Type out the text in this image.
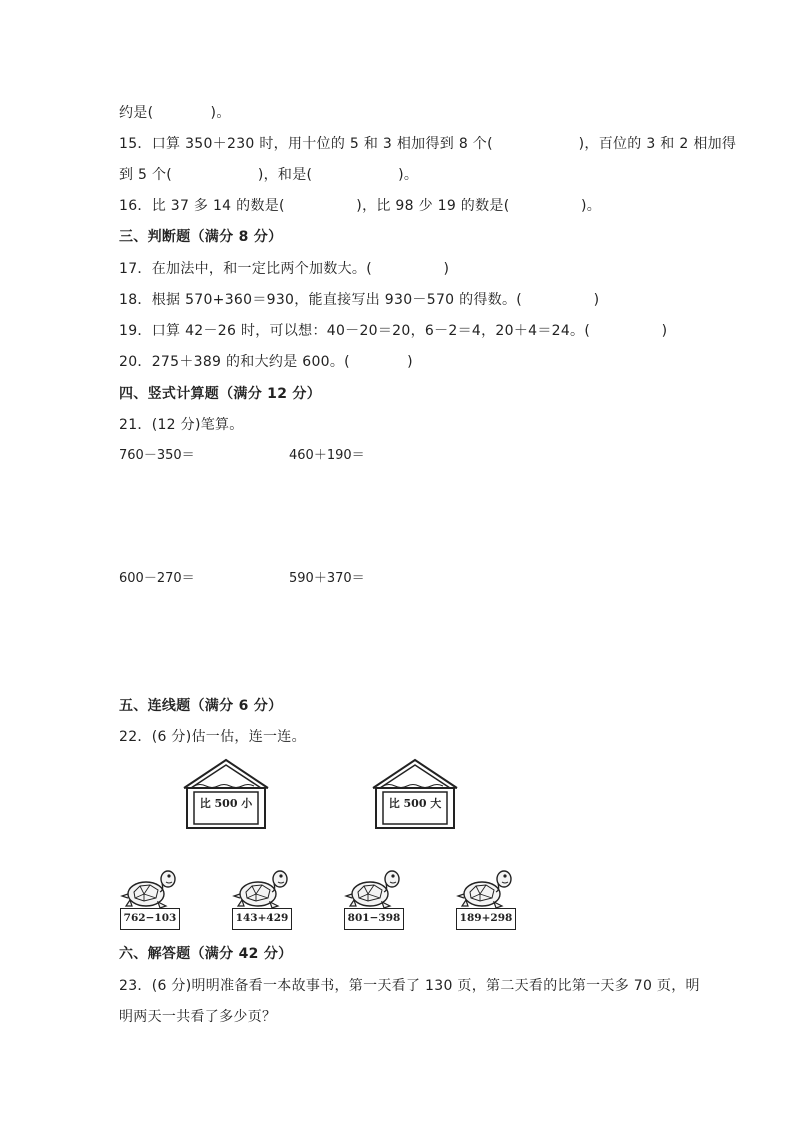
约是(　　　　)。
15．口算 350＋230 时，用十位的 5 和 3 相加得到 8 个(　　　　　　)，百位的 3 和 2 相加得
到 5 个(　　　　　　)，和是(　　　　　　)。
16．比 37 多 14 的数是(　　　　　)，比 98 少 19 的数是(　　　　　)。
三、判断题（满分 8 分）
17．在加法中，和一定比两个加数大。(　　　　　)
18．根据 570+360＝930，能直接写出 930－570 的得数。(　　　　　)
19．口算 42－26 时，可以想：40－20＝20，6－2＝4，20＋4＝24。(　　　　　)
20．275＋389 的和大约是 600。(　　　　)
四、竖式计算题（满分 12 分）
21．(12 分)笔算。
760－350＝	460＋190＝
600－270＝	590＋370＝
五、连线题（满分 6 分）
22．(6 分)估一估，连一连。
比 500 小	比 500 大
762−103	143+429	801−398	189+298
六、解答题（满分 42 分）
23．(6 分)明明准备看一本故事书，第一天看了 130 页，第二天看的比第一天多 70 页，明
明两天一共看了多少页？
